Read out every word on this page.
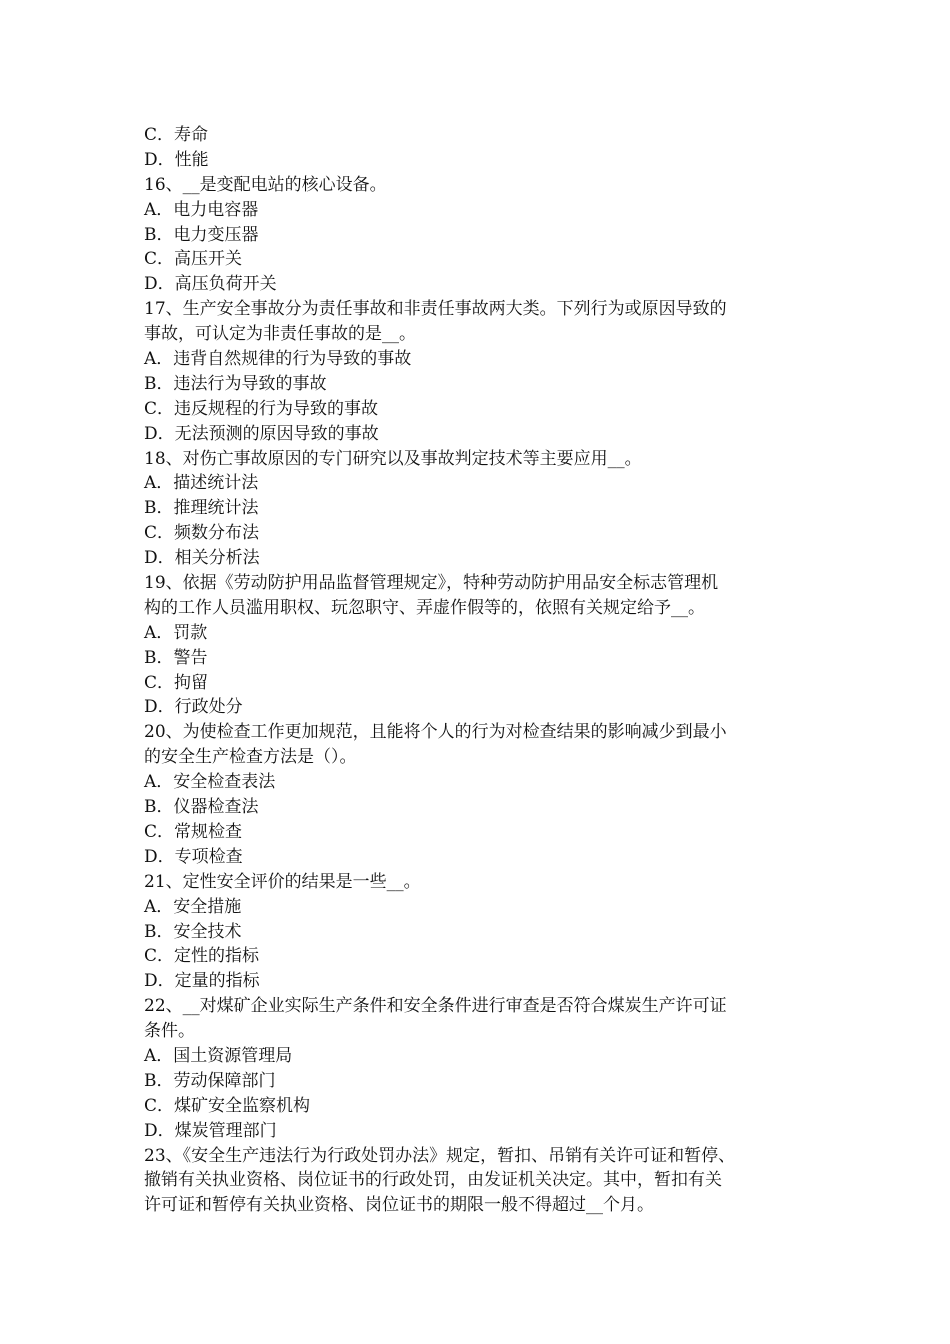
C．寿命
D．性能
16、__是变配电站的核心设备。
A．电力电容器
B．电力变压器
C．高压开关
D．高压负荷开关
17、生产安全事故分为责任事故和非责任事故两大类。下列行为或原因导致的
事故，可认定为非责任事故的是__。
A．违背自然规律的行为导致的事故
B．违法行为导致的事故
C．违反规程的行为导致的事故
D．无法预测的原因导致的事故
18、对伤亡事故原因的专门研究以及事故判定技术等主要应用__。
A．描述统计法
B．推理统计法
C．频数分布法
D．相关分析法
19、依据《劳动防护用品监督管理规定》，特种劳动防护用品安全标志管理机
构的工作人员滥用职权、玩忽职守、弄虚作假等的，依照有关规定给予__。
A．罚款
B．警告
C．拘留
D．行政处分
20、为使检查工作更加规范，且能将个人的行为对检查结果的影响减少到最小
的安全生产检查方法是（）。
A．安全检查表法
B．仪器检查法
C．常规检查
D．专项检查
21、定性安全评价的结果是一些__。
A．安全措施
B．安全技术
C．定性的指标
D．定量的指标
22、__对煤矿企业实际生产条件和安全条件进行审查是否符合煤炭生产许可证
条件。
A．国土资源管理局
B．劳动保障部门
C．煤矿安全监察机构
D．煤炭管理部门
23、《安全生产违法行为行政处罚办法》规定，暂扣、吊销有关许可证和暂停、
撤销有关执业资格、岗位证书的行政处罚，由发证机关决定。其中，暂扣有关
许可证和暂停有关执业资格、岗位证书的期限一般不得超过__个月。
